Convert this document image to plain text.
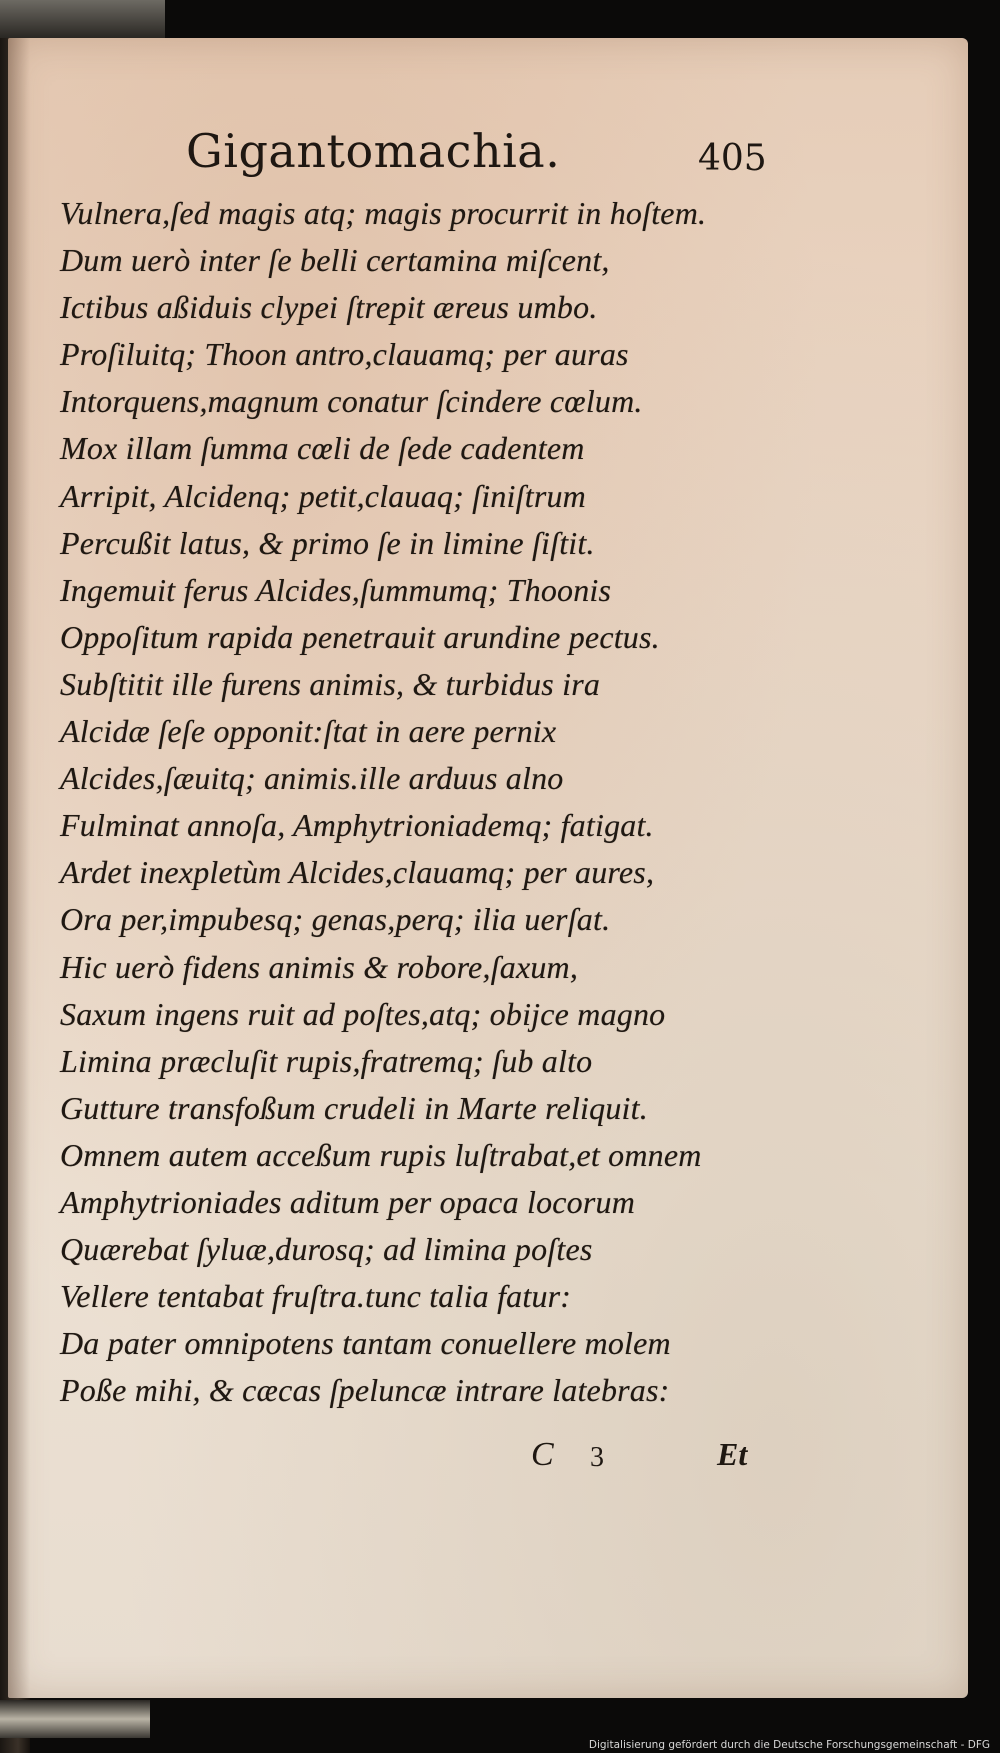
Gigantomachia.	405
Vulnera,ſed magis atq; magis procurrit in hoſtem.
Dum uerò inter ſe belli certamina miſcent,
Ictibus aßiduis clypei ſtrepit æreus umbo.
Proſiluitq; Thoon antro,clauamq; per auras
Intorquens,magnum conatur ſcindere cœlum.
Mox illam ſumma cœli de ſede cadentem
Arripit, Alcidenq; petit,clauaq; ſiniſtrum
Percußit latus, & primo ſe in limine ſiſtit.
Ingemuit ferus Alcides,ſummumq; Thoonis
Oppoſitum rapida penetrauit arundine pectus.
Subſtitit ille furens animis, & turbidus ira
Alcidæ ſeſe opponit:ſtat in aere pernix
Alcides,ſæuitq; animis.ille arduus alno
Fulminat annoſa, Amphytrioniademq; fatigat.
Ardet inexpletùm Alcides,clauamq; per aures,
Ora per,impubesq; genas,perq; ilia uerſat.
Hic uerò fidens animis & robore,ſaxum,
Saxum ingens ruit ad poſtes,atq; obijce magno
Limina præcluſit rupis,fratremq; ſub alto
Gutture transfoßum crudeli in Marte reliquit.
Omnem autem acceßum rupis luſtrabat,et omnem
Amphytrioniades aditum per opaca locorum
Quærebat ſyluæ,durosq; ad limina poſtes
Vellere tentabat fruſtra.tunc talia fatur:
Da pater omnipotens tantam conuellere molem
Poße mihi, & cæcas ſpeluncæ intrare latebras:
C 3	Et
Digitalisierung gefördert durch die Deutsche Forschungsgemeinschaft - DFG
